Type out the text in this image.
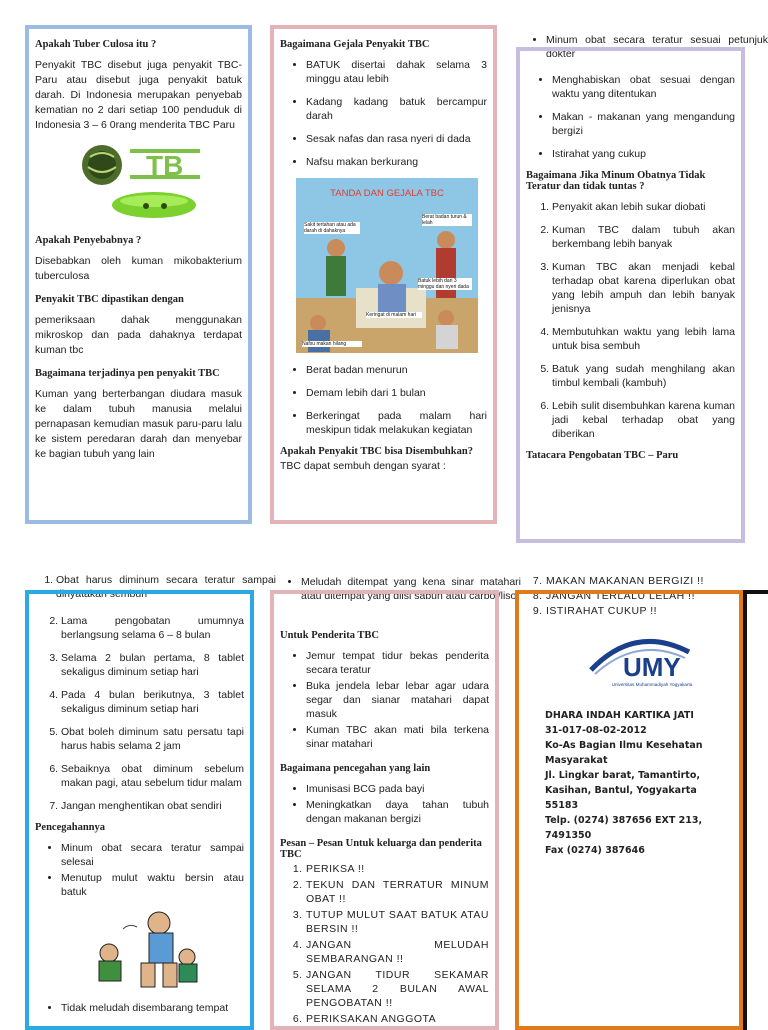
Apakah Tuber Culosa itu ?

Penyakit TBC disebut juga penyakit TBC-Paru atau disebut juga penyakit batuk darah. Di Indonesia merupakan penyebab kematian no 2 dari setiap 100 penduduk di Indonesia 3 – 6 0rang menderita TBC Paru

TB
Apakah Penyebabnya ?

Disebabkan oleh kuman mikobakterium tuberculosa

Penyakit TBC dipastikan dengan

pemeriksaan dahak menggunakan mikroskop dan pada dahaknya terdapat kuman tbc

Bagaimana terjadinya pen penyakit TBC

Kuman yang berterbangan diudara masuk ke dalam tubuh manusia melalui pernapasan kemudian masuk paru-paru lalu ke sistem peredaran darah dan menyebar ke bagian tubuh yang lain

Bagaimana Gejala Penyakit TBC
• BATUK disertai dahak selama 3 minggu atau lebih
• Kadang kadang batuk bercampur darah
• Sesak nafas dan rasa nyeri di dada
• Nafsu makan berkurang
TANDA DAN GEJALA TBC
Sakit tertahan atau ada darah di dahaknya
Berat badan turun & lelah
Batuk lebih dari 3 minggu dan nyeri dada
Keringat di malam hari
Nafsu makan hilang
• Berat badan menurun
• Demam lebih dari 1 bulan
• Berkeringat pada malam hari meskipun tidak melakukan kegiatan
Apakah Penyakit TBC bisa Disembuhkan?

TBC dapat sembuh dengan syarat :

• Minum obat secara teratur sesuai petunjuk dokter
• Menghabiskan obat sesuai dengan waktu yang ditentukan
• Makan - makanan yang mengandung bergizi
• Istirahat yang cukup
Bagaimana Jika Minum Obatnya Tidak Teratur dan tidak tuntas ?
1. Penyakit akan lebih sukar diobati
2. Kuman TBC dalam tubuh akan berkembang lebih banyak
3. Kuman TBC akan menjadi kebal terhadap obat karena diperlukan obat yang lebih ampuh dan lebih banyak jenisnya
4. Membutuhkan waktu yang lebih lama untuk bisa sembuh
5. Batuk yang sudah menghilang akan timbul kembali (kambuh)
6. Lebih sulit disembuhkan karena kuman jadi kebal terhadap obat yang diberikan
Tatacara Pengobatan TBC – Paru
1. Obat harus diminum secara teratur sampai dinyatakan sembuh
2. Lama pengobatan umumnya berlangsung selama 6 – 8 bulan
3. Selama 2 bulan pertama, 8 tablet sekaligus diminum setiap hari
4. Pada 4 bulan berikutnya, 3 tablet sekaligus diminum setiap hari
5. Obat boleh diminum satu persatu tapi harus habis selama 2 jam
6. Sebaiknya obat diminum sebelum makan pagi, atau sebelum tidur malam
7. Jangan menghentikan obat sendiri
Pencegahannya
• Minum obat secara teratur sampai selesai
• Menutup mulut waktu bersin atau batuk
• Tidak meludah disembarang tempat
• Meludah ditempat yang kena sinar matahari atau ditempat yang diisi sabun atau carbol/lisol
Untuk Penderita TBC
• Jemur tempat tidur bekas penderita secara teratur
• Buka jendela lebar lebar agar udara segar dan sianar matahari dapat masuk
• Kuman TBC akan mati bila terkena sinar matahari
Bagaimana pencegahan yang lain
• Imunisasi BCG pada bayi
• Meningkatkan daya tahan tubuh dengan makanan bergizi
Pesan – Pesan Untuk keluarga dan penderita TBC
1. PERIKSA !!
2. TEKUN DAN TERRATUR MINUM OBAT !!
3. TUTUP MULUT SAAT BATUK ATAU BERSIN !!
4. JANGAN MELUDAH SEMBARANGAN !!
5. JANGAN TIDUR SEKAMAR SELAMA 2 BULAN AWAL PENGOBATAN !!
6. PERIKSAKAN ANGGOTA
7. MAKAN MAKANAN BERGIZI !!
8. JANGAN TERLALU LELAH !!
9. ISTIRAHAT CUKUP !!
UMY
Universitas Muhammadiyah Yogyakarta
DHARA INDAH KARTIKA JATI
31-017-08-02-2012
Ko-As Bagian Ilmu Kesehatan Masyarakat
Jl. Lingkar barat, Tamantirto, Kasihan, Bantul, Yogyakarta 55183
Telp. (0274) 387656 EXT 213, 7491350
Fax (0274) 387646
